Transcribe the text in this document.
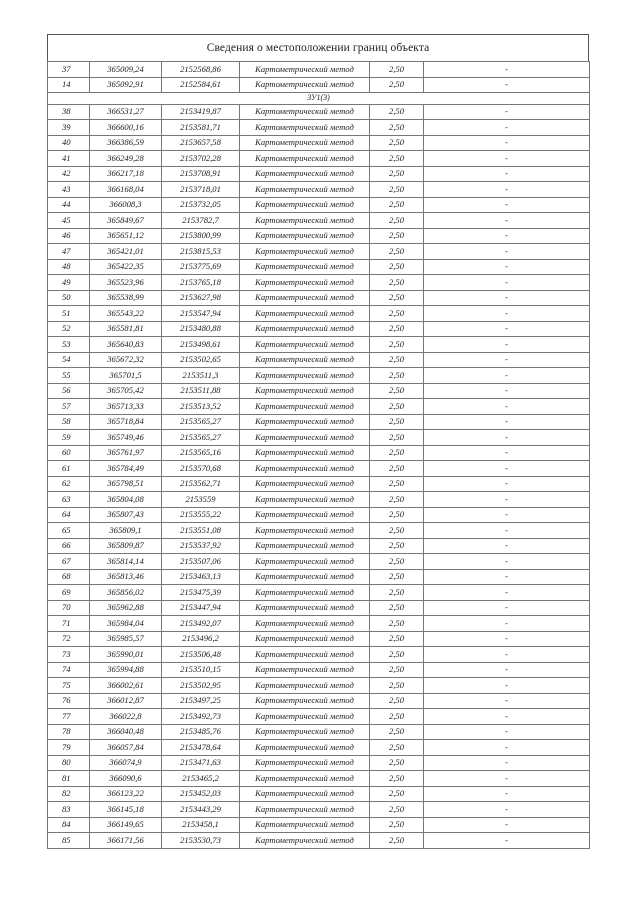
Сведения о местоположении границ объекта
37	365009,24	2152568,86	Картометрический метод	2,50	-
14	365092,91	2152584,61	Картометрический метод	2,50	-
ЗУ1(3)					
38	366531,27	2153419,87	Картометрический метод	2,50	-
39	366600,16	2153581,71	Картометрический метод	2,50	-
40	366386,59	2153657,58	Картометрический метод	2,50	-
41	366249,28	2153702,28	Картометрический метод	2,50	-
42	366217,18	2153708,91	Картометрический метод	2,50	-
43	366168,04	2153718,01	Картометрический метод	2,50	-
44	366008,3	2153732,05	Картометрический метод	2,50	-
45	365849,67	2153782,7	Картометрический метод	2,50	-
46	365651,12	2153800,99	Картометрический метод	2,50	-
47	365421,01	2153815,53	Картометрический метод	2,50	-
48	365422,35	2153775,69	Картометрический метод	2,50	-
49	365523,96	2153765,18	Картометрический метод	2,50	-
50	365538,99	2153627,98	Картометрический метод	2,50	-
51	365543,22	2153547,94	Картометрический метод	2,50	-
52	365581,81	2153480,88	Картометрический метод	2,50	-
53	365640,83	2153498,61	Картометрический метод	2,50	-
54	365672,32	2153502,65	Картометрический метод	2,50	-
55	365701,5	2153511,3	Картометрический метод	2,50	-
56	365705,42	2153511,88	Картометрический метод	2,50	-
57	365713,33	2153513,52	Картометрический метод	2,50	-
58	365718,84	2153565,27	Картометрический метод	2,50	-
59	365749,46	2153565,27	Картометрический метод	2,50	-
60	365761,97	2153565,16	Картометрический метод	2,50	-
61	365784,49	2153570,68	Картометрический метод	2,50	-
62	365798,51	2153562,71	Картометрический метод	2,50	-
63	365804,08	2153559	Картометрический метод	2,50	-
64	365807,43	2153555,22	Картометрический метод	2,50	-
65	365809,1	2153551,08	Картометрический метод	2,50	-
66	365809,87	2153537,92	Картометрический метод	2,50	-
67	365814,14	2153507,06	Картометрический метод	2,50	-
68	365813,46	2153463,13	Картометрический метод	2,50	-
69	365856,02	2153475,39	Картометрический метод	2,50	-
70	365962,88	2153447,94	Картометрический метод	2,50	-
71	365984,04	2153492,07	Картометрический метод	2,50	-
72	365985,57	2153496,2	Картометрический метод	2,50	-
73	365990,01	2153506,48	Картометрический метод	2,50	-
74	365994,88	2153510,15	Картометрический метод	2,50	-
75	366002,61	2153502,95	Картометрический метод	2,50	-
76	366012,87	2153497,25	Картометрический метод	2,50	-
77	366022,8	2153492,73	Картометрический метод	2,50	-
78	366040,48	2153485,76	Картометрический метод	2,50	-
79	366057,84	2153478,64	Картометрический метод	2,50	-
80	366074,9	2153471,63	Картометрический метод	2,50	-
81	366090,6	2153465,2	Картометрический метод	2,50	-
82	366123,22	2153452,03	Картометрический метод	2,50	-
83	366145,18	2153443,29	Картометрический метод	2,50	-
84	366149,65	2153458,1	Картометрический метод	2,50	-
85	366171,56	2153530,73	Картометрический метод	2,50	-
